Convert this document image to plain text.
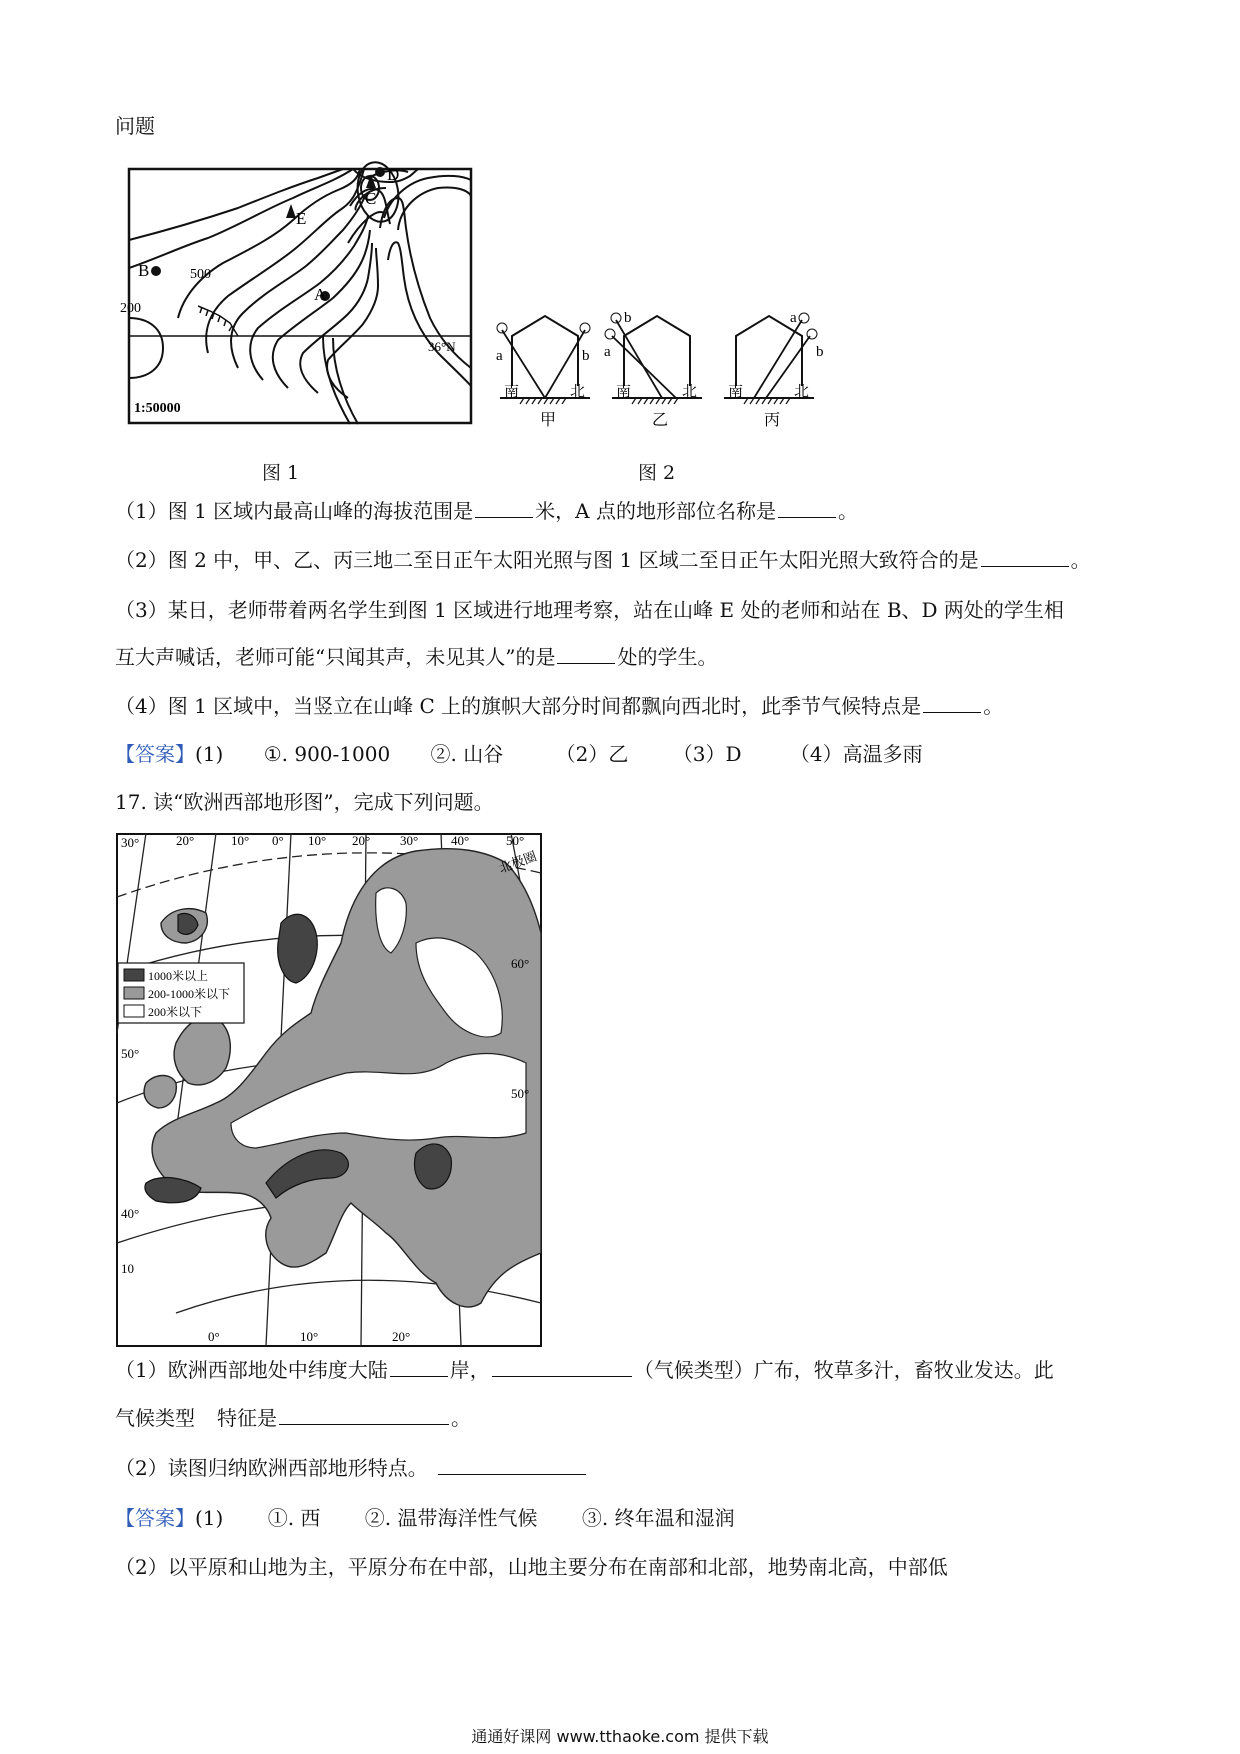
问题
B
A
C
D
E
500
200
36°N
1:50000
图 1
a	b
南	北
甲
b
a
南	北
乙
a
b
南	北
丙
图 2
（1）图 1 区域内最高山峰的海拔范围是	米，A 点的地形部位名称是	。
（2）图 2 中，甲、乙、丙三地二至日正午太阳光照与图 1 区域二至日正午太阳光照大致符合的是	。
（3）某日，老师带着两名学生到图 1 区域进行地理考察，站在山峰 E 处的老师和站在 B、D 两处的学生相
互大声喊话，老师可能“只闻其声，未见其人”的是	处的学生。
（4）图 1 区域中，当竖立在山峰 C 上的旗帜大部分时间都飘向西北时，此季节气候特点是	。
【答案】(1) ①. 900-1000 ②. 山谷	（2）乙 （3）D （4）高温多雨
17. 读“欧洲西部地形图”，完成下列问题。
1000米以上
200-1000米以下
200米以下
30°	20°	10° 0° 10° 20° 30°	40°	50°
北极圈
60°
50°
50°
40°
10
0°	10°	20°
（1）欧洲西部地处中纬度大陆	岸，	（气候类型）广布，牧草多汁，畜牧业发达。此
气候类型 特征是	。
（2）读图归纳欧洲西部地形特点。
【答案】(1) ①. 西 ②. 温带海洋性气候 ③. 终年温和湿润
（2）以平原和山地为主，平原分布在中部，山地主要分布在南部和北部，地势南北高，中部低
通通好课网 www.tthaoke.com 提供下载
